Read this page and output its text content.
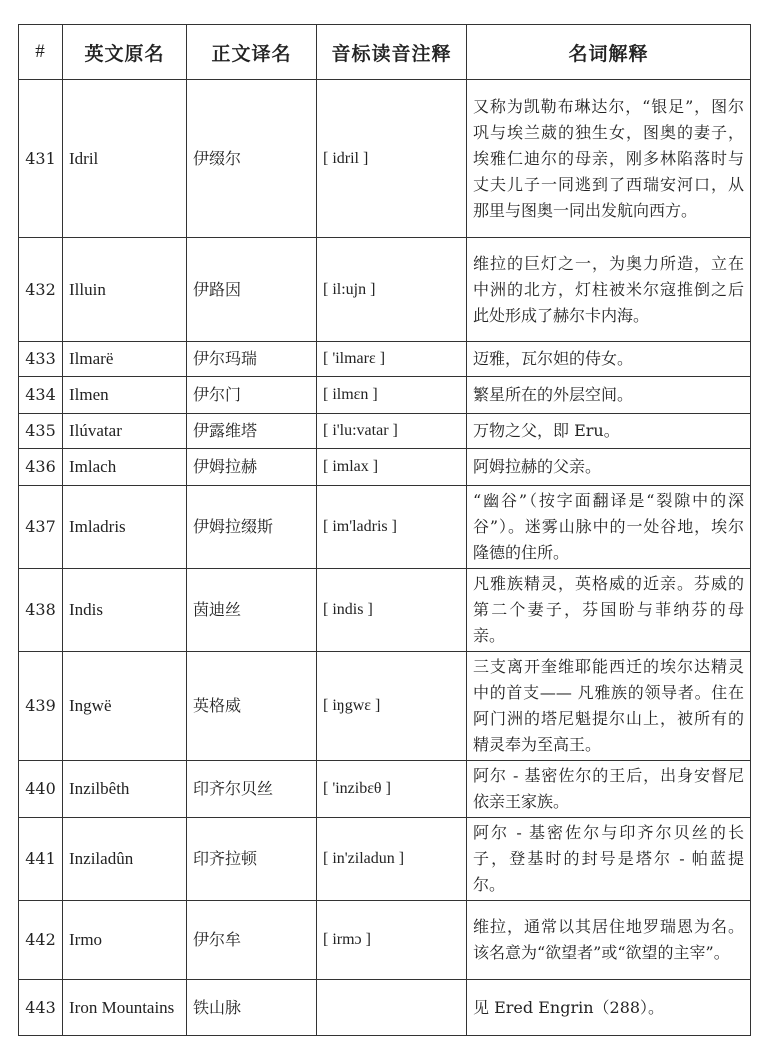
#	英文原名	正文译名	音标读音注释	名词解释
431	Idril	伊缀尔	[ idril ]	又称为凯勒布琳达尔，“银足”，图尔巩与埃兰葳的独生女，图奥的妻子，埃雅仁迪尔的母亲，刚多林陷落时与丈夫儿子一同逃到了西瑞安河口，从那里与图奥一同出发航向西方。
432	Illuin	伊路因	[ il:ujn ]	维拉的巨灯之一，为奥力所造，立在中洲的北方，灯柱被米尔寇推倒之后此处形成了赫尔卡内海。
433	Ilmarë	伊尔玛瑞	[ 'ilmarɛ ]	迈雅，瓦尔妲的侍女。
434	Ilmen	伊尔门	[ ilmɛn ]	繁星所在的外层空间。
435	Ilúvatar	伊露维塔	[ i'lu:vatar ]	万物之父，即 Eru。
436	Imlach	伊姆拉赫	[ imlax ]	阿姆拉赫的父亲。
437	Imladris	伊姆拉缀斯	[ im'ladris ]	“幽谷”（按字面翻译是“裂隙中的深谷”）。迷雾山脉中的一处谷地，埃尔隆德的住所。
438	Indis	茵迪丝	[ indis ]	凡雅族精灵，英格威的近亲。芬威的第二个妻子，芬国昐与菲纳芬的母亲。
439	Ingwë	英格威	[ iŋgwɛ ]	三支离开奎维耶能西迁的埃尔达精灵中的首支—— 凡雅族的领导者。住在阿门洲的塔尼魁提尔山上，被所有的精灵奉为至高王。
440	Inzilbêth	印齐尔贝丝	[ 'inzibɛθ ]	阿尔 - 基密佐尔的王后，出身安督尼依亲王家族。
441	Inziladûn	印齐拉顿	[ in'ziladun ]	阿尔 - 基密佐尔与印齐尔贝丝的长子，登基时的封号是塔尔 - 帕蓝提尔。
442	Irmo	伊尔牟	[ irmɔ ]	维拉，通常以其居住地罗瑞恩为名。该名意为“欲望者”或“欲望的主宰”。
443	Iron Mountains	铁山脉		见 Ered Engrin（288）。
